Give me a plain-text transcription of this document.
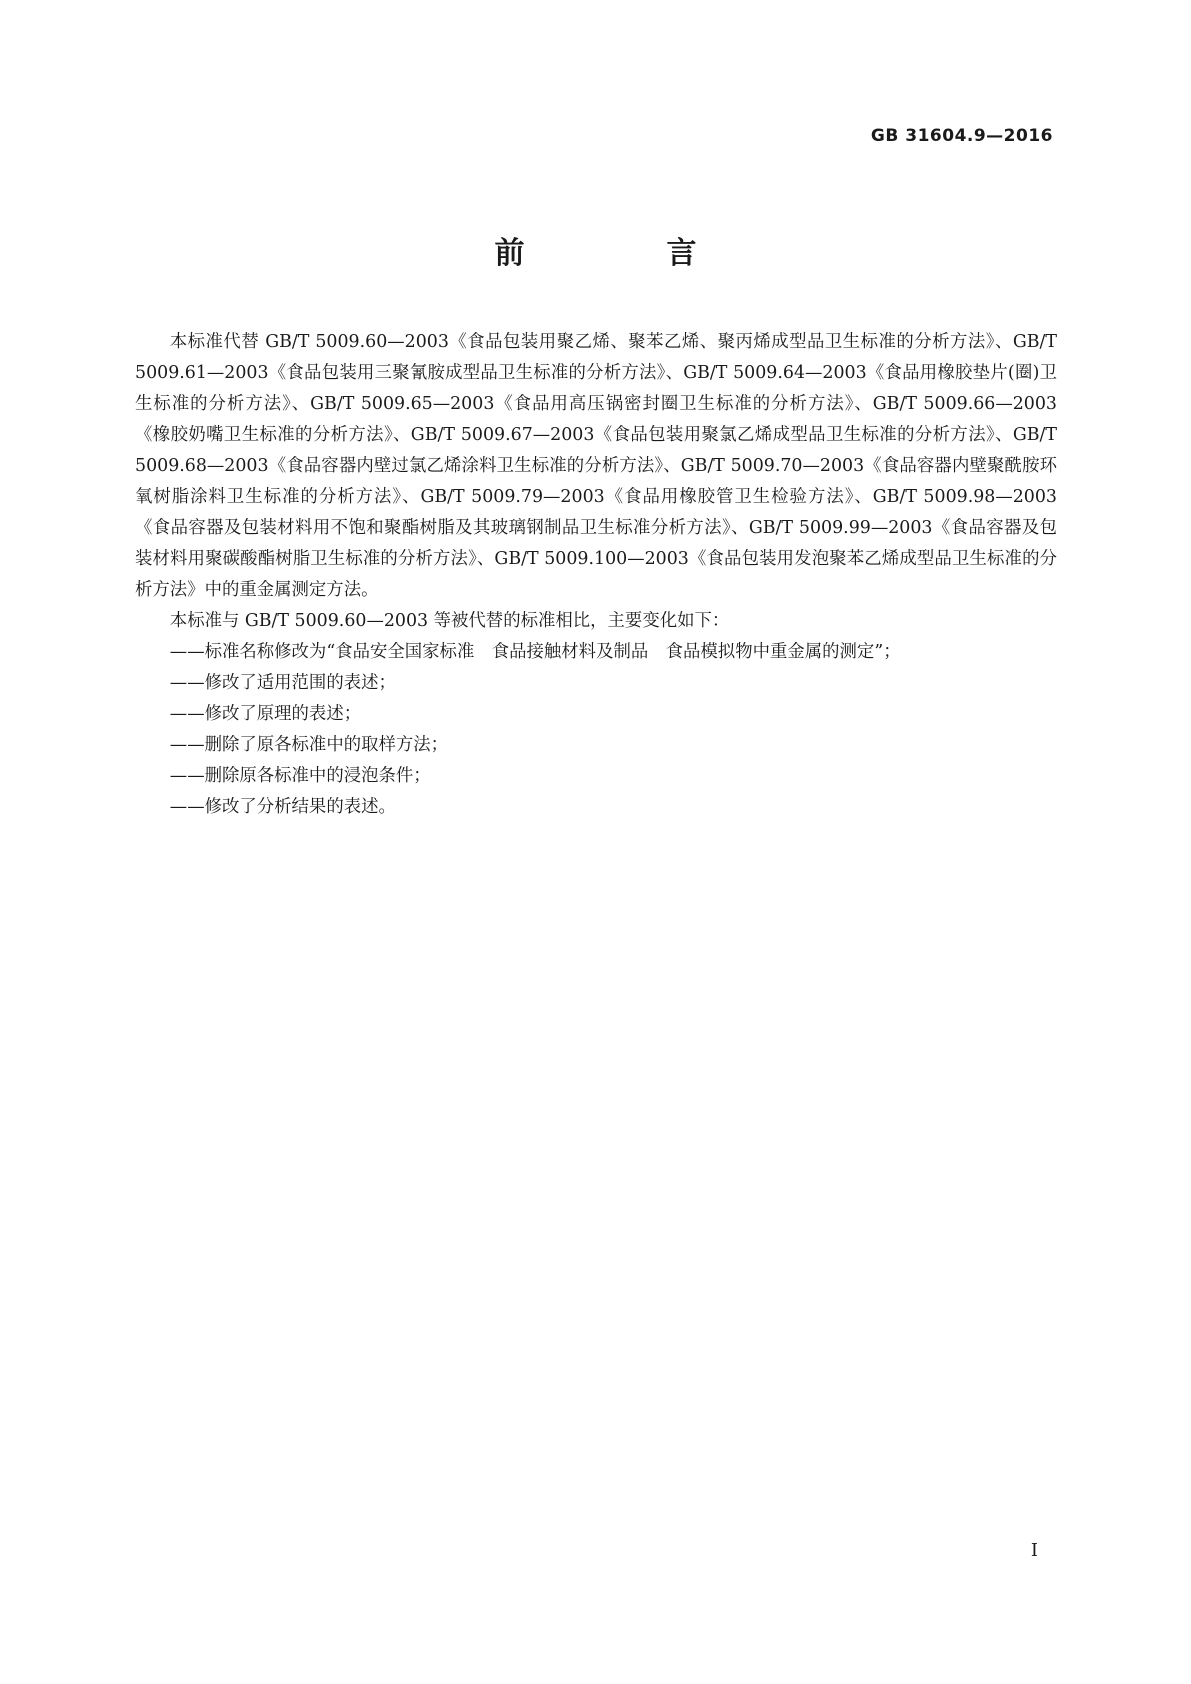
GB 31604.9—2016
前　言

本标准代替 GB/T 5009.60—2003《食品包装用聚乙烯、聚苯乙烯、聚丙烯成型品卫生标准的分析方法》、GB/T 5009.61—2003《食品包装用三聚氰胺成型品卫生标准的分析方法》、GB/T 5009.64—2003《食品用橡胶垫片(圈)卫生标准的分析方法》、GB/T 5009.65—2003《食品用高压锅密封圈卫生标准的分析方法》、GB/T 5009.66—2003《橡胶奶嘴卫生标准的分析方法》、GB/T 5009.67—2003《食品包装用聚氯乙烯成型品卫生标准的分析方法》、GB/T 5009.68—2003《食品容器内壁过氯乙烯涂料卫生标准的分析方法》、GB/T 5009.70—2003《食品容器内壁聚酰胺环氧树脂涂料卫生标准的分析方法》、GB/T 5009.79—2003《食品用橡胶管卫生检验方法》、GB/T 5009.98—2003《食品容器及包装材料用不饱和聚酯树脂及其玻璃钢制品卫生标准分析方法》、GB/T 5009.99—2003《食品容器及包装材料用聚碳酸酯树脂卫生标准的分析方法》、GB/T 5009.100—2003《食品包装用发泡聚苯乙烯成型品卫生标准的分析方法》中的重金属测定方法。

本标准与 GB/T 5009.60—2003 等被代替的标准相比，主要变化如下：

——标准名称修改为“食品安全国家标准　食品接触材料及制品　食品模拟物中重金属的测定”；
——修改了适用范围的表述；
——修改了原理的表述；
——删除了原各标准中的取样方法；
——删除原各标准中的浸泡条件；
——修改了分析结果的表述。
I
